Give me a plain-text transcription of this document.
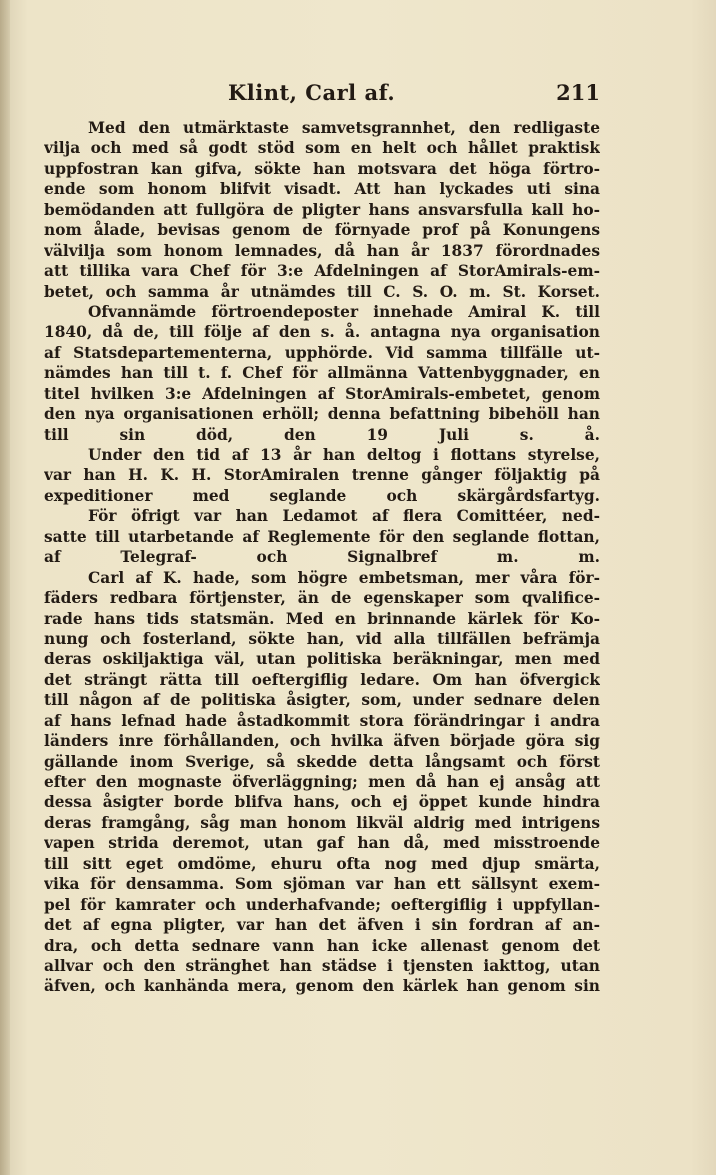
Klint, Carl af.	211
Med den utmärktaste samvetsgrannhet, den redligaste
vilja och med så godt stöd som en helt och hållet praktisk
uppfostran kan gifva, sökte han motsvara det höga förtro-
ende som honom blifvit visadt. Att han lyckades uti sina
bemödanden att fullgöra de pligter hans ansvarsfulla kall ho-
nom ålade, bevisas genom de förnyade prof på Konungens
välvilja som honom lemnades, då han år 1837 förordnades
att tillika vara Chef för 3:e Afdelningen af StorAmirals-em-
betet, och samma år utnämdes till C. S. O. m. St. Korset.
Ofvannämde förtroendeposter innehade Amiral K. till
1840, då de, till följe af den s. å. antagna nya organisation
af Statsdepartementerna, upphörde. Vid samma tillfälle ut-
nämdes han till t. f. Chef för allmänna Vattenbyggnader, en
titel hvilken 3:e Afdelningen af StorAmirals-embetet, genom
den nya organisationen erhöll; denna befattning bibehöll han
till sin död, den 19 Juli s. å.
Under den tid af 13 år han deltog i flottans styrelse,
var han H. K. H. StorAmiralen trenne gånger följaktig på
expeditioner med seglande och skärgårdsfartyg.
För öfrigt var han Ledamot af flera Comittéer, ned-
satte till utarbetande af Reglemente för den seglande flottan,
af Telegraf- och Signalbref m. m.
Carl af K. hade, som högre embetsman, mer våra för-
fäders redbara förtjenster, än de egenskaper som qvalificе-
rade hans tids statsmän. Med en brinnande kärlek för Ko-
nung och fosterland, sökte han, vid alla tillfällen befrämja
deras oskiljaktiga väl, utan politiska beräkningar, men med
det strängt rätta till oeftergiflig ledare. Om han öfvergick
till någon af de politiska åsigter, som, under sednare delen
af hans lefnad hade åstadkommit stora förändringar i andra
länders inre förhållanden, och hvilka äfven började göra sig
gällande inom Sverige, så skedde detta långsamt och först
efter den mognaste öfverläggning; men då han ej ansåg att
dessa åsigter borde blifva hans, och ej öppet kunde hindra
deras framgång, såg man honom likväl aldrig med intrigens
vapen strida deremot, utan gaf han då, med misstroende
till sitt eget omdöme, ehuru ofta nog med djup smärta,
vika för densamma. Som sjöman var han ett sällsynt exem-
pel för kamrater och underhafvande; oeftergiflig i uppfyllan-
det af egna pligter, var han det äfven i sin fordran af an-
dra, och detta sednare vann han icke allenast genom det
allvar och den stränghet han städse i tjensten iakttog, utan
äfven, och kanhända mera, genom den kärlek han genom sin
